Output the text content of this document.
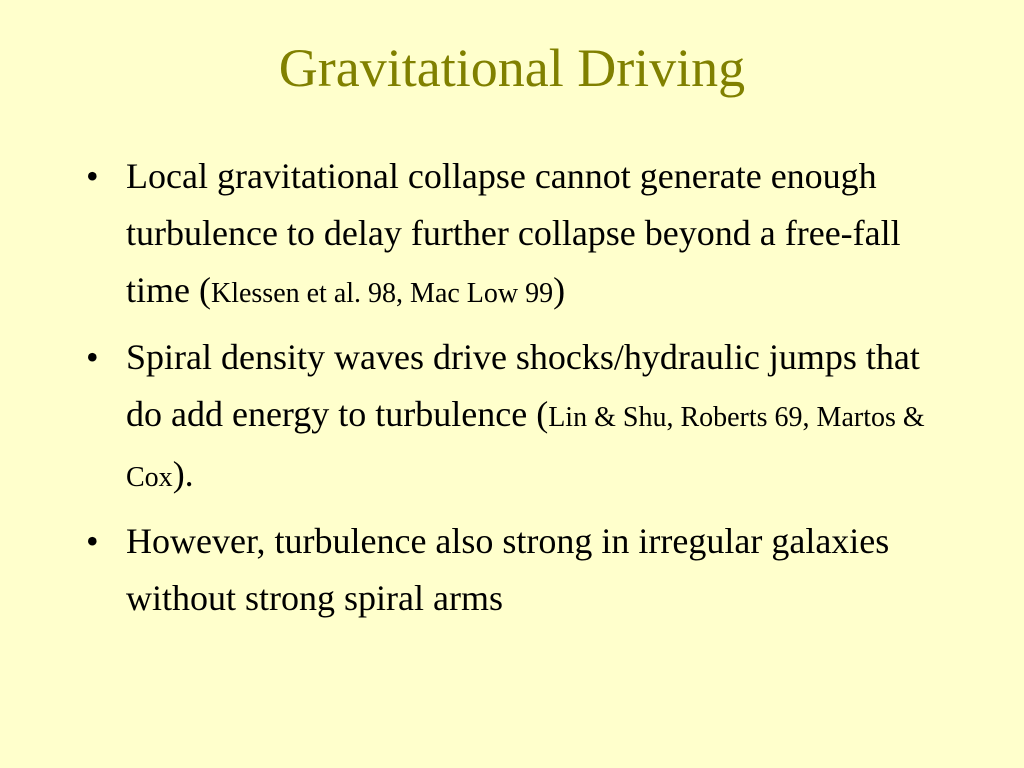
Gravitational Driving
• Local gravitational collapse cannot generate enough turbulence to delay further collapse beyond a free-fall time (Klessen et al. 98, Mac Low 99)
• Spiral density waves drive shocks/hydraulic jumps that do add energy to turbulence (Lin & Shu, Roberts 69, Martos & Cox).
• However, turbulence also strong in irregular galaxies without strong spiral arms
